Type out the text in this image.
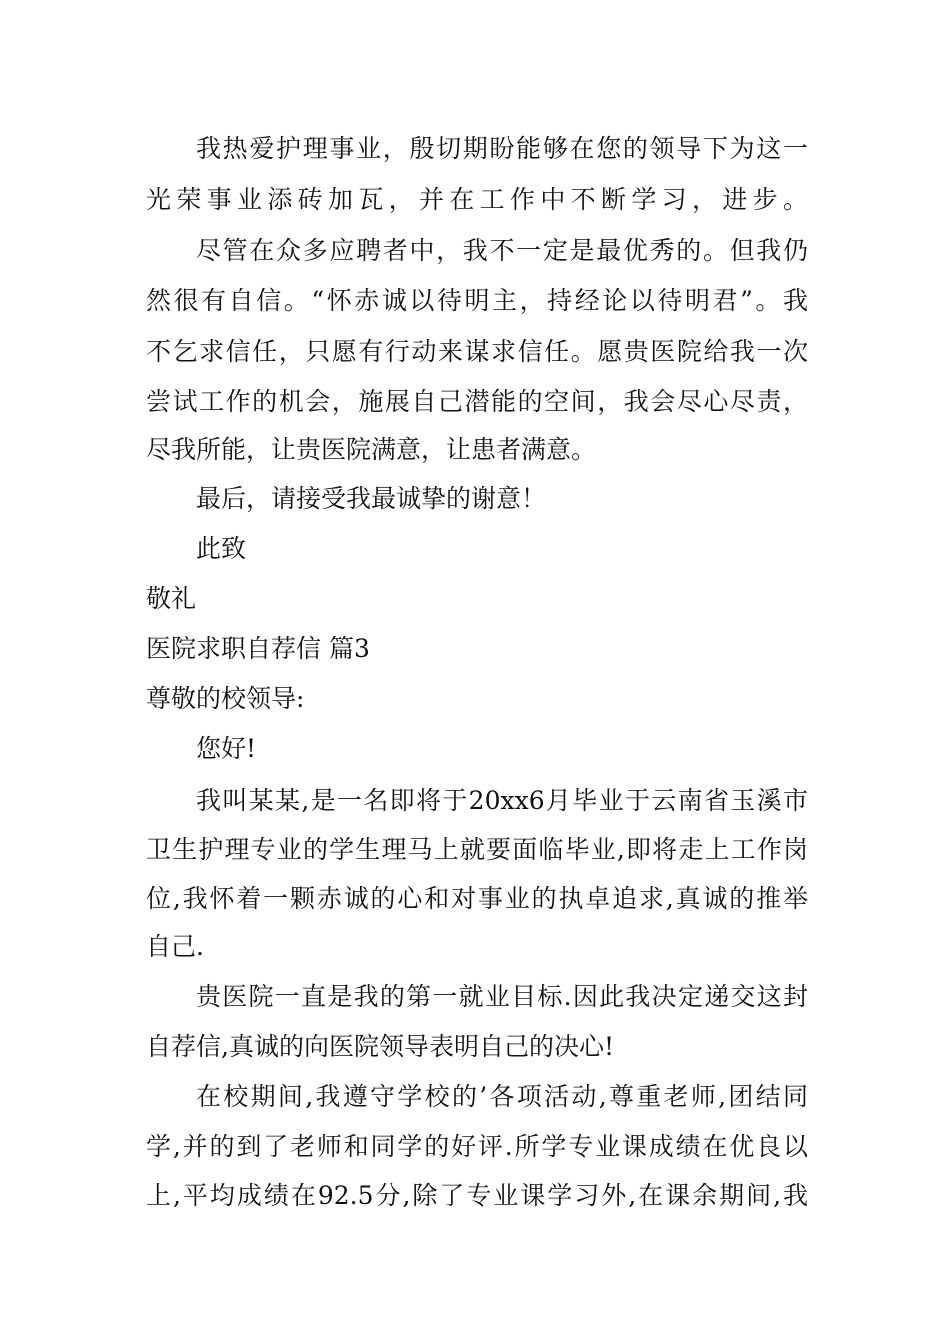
我热爱护理事业，殷切期盼能够在您的领导下为这一
光荣事业添砖加瓦，并在工作中不断学习，进步。
尽管在众多应聘者中，我不一定是最优秀的。但我仍
然很有自信。“怀赤诚以待明主，持经论以待明君”。我
不乞求信任，只愿有行动来谋求信任。愿贵医院给我一次
尝试工作的机会，施展自己潜能的空间，我会尽心尽责，
尽我所能，让贵医院满意，让患者满意。
最后，请接受我最诚挚的谢意！
此致
敬礼
医院求职自荐信 篇3
尊敬的校领导:
您好!
我叫某某,是一名即将于20xx6月毕业于云南省玉溪市
卫生护理专业的学生理马上就要面临毕业,即将走上工作岗
位,我怀着一颗赤诚的心和对事业的执卓追求,真诚的推举
自己.
贵医院一直是我的第一就业目标.因此我决定递交这封
自荐信,真诚的向医院领导表明自己的决心!
在校期间,我遵守学校的’各项活动,尊重老师,团结同
学,并的到了老师和同学的好评.所学专业课成绩在优良以
上,平均成绩在92.5分,除了专业课学习外,在课余期间,我
